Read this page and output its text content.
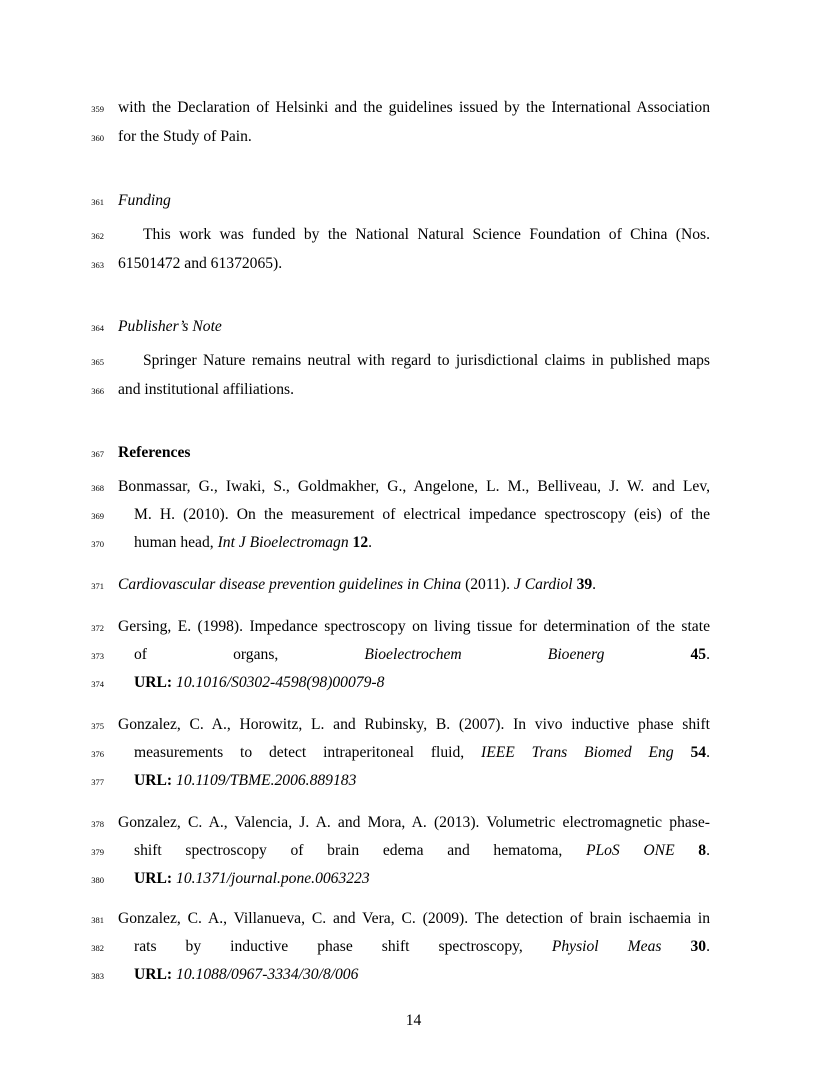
359 with the Declaration of Helsinki and the guidelines issued by the International Association
360 for the Study of Pain.
361 Funding
362	This work was funded by the National Natural Science Foundation of China (Nos.
363 61501472 and 61372065).
364 Publisher’s Note
365	Springer Nature remains neutral with regard to jurisdictional claims in published maps
366 and institutional affiliations.
367 References
368 Bonmassar, G., Iwaki, S., Goldmakher, G., Angelone, L. M., Belliveau, J. W. and Lev,
369 M. H. (2010). On the measurement of electrical impedance spectroscopy (eis) of the
370 human head, Int J Bioelectromagn 12.
371 Cardiovascular disease prevention guidelines in China (2011). J Cardiol 39.
372 Gersing, E. (1998). Impedance spectroscopy on living tissue for determination of the state
373 of organs, Bioelectrochem Bioenerg	45.
374 URL: 10.1016/S0302-4598(98)00079-8
375 Gonzalez, C. A., Horowitz, L. and Rubinsky, B. (2007). In vivo inductive phase shift
376 measurements to detect intraperitoneal fluid, IEEE Trans Biomed Eng 54.
377 URL: 10.1109/TBME.2006.889183
378 Gonzalez, C. A., Valencia, J. A. and Mora, A. (2013). Volumetric electromagnetic phase-
379 shift spectroscopy of brain edema and hematoma, PLoS ONE 8.
380 URL: 10.1371/journal.pone.0063223
381 Gonzalez, C. A., Villanueva, C. and Vera, C. (2009). The detection of brain ischaemia in
382 rats by inductive phase shift spectroscopy, Physiol Meas 30.
383 URL: 10.1088/0967-3334/30/8/006
14
